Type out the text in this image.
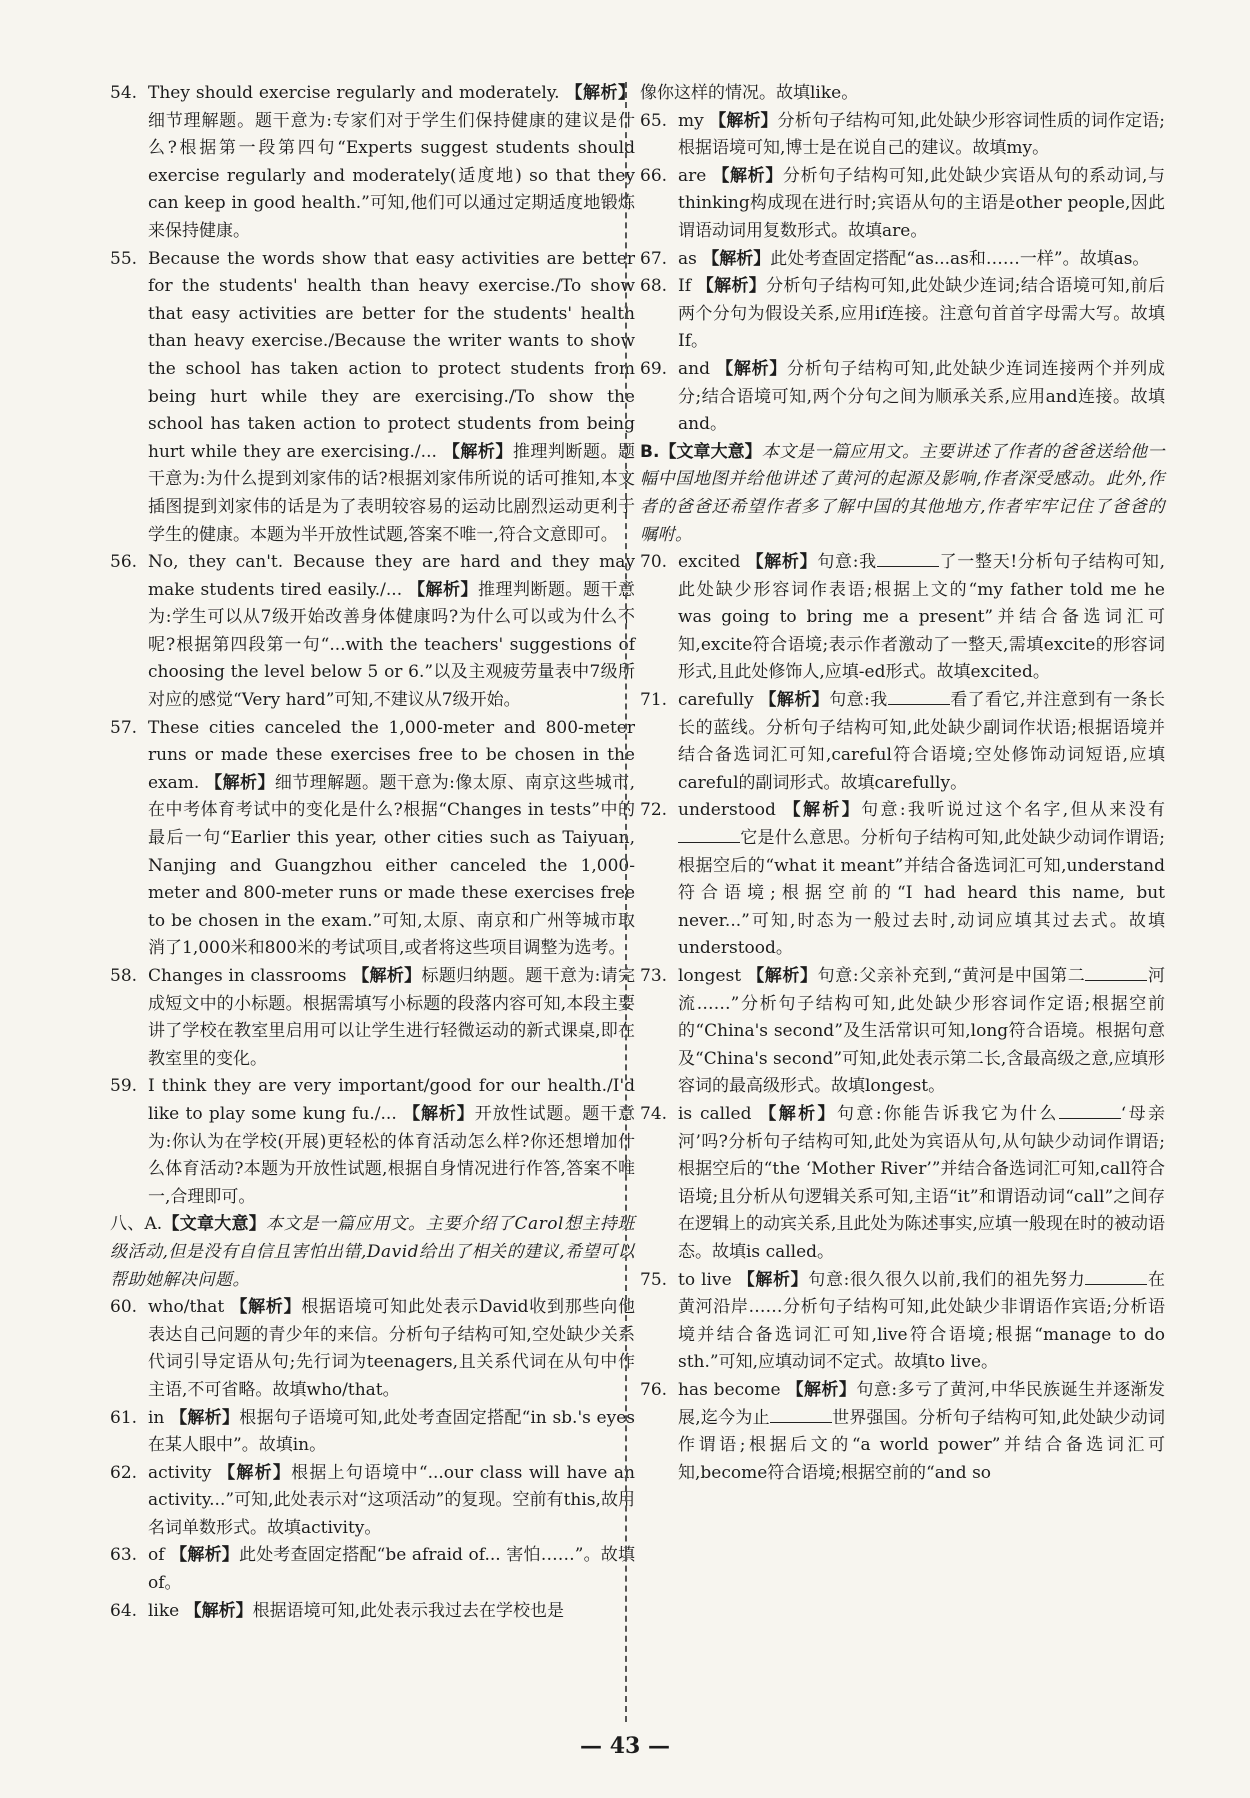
54. They should exercise regularly and moderately. 【解析】细节理解题。题干意为:专家们对于学生们保持健康的建议是什么?根据第一段第四句“Experts suggest students should exercise regularly and moderately(适度地) so that they can keep in good health.”可知,他们可以通过定期适度地锻炼来保持健康。

55. Because the words show that easy activities are better for the students' health than heavy exercise./To show that easy activities are better for the students' health than heavy exercise./Because the writer wants to show the school has taken action to protect students from being hurt while they are exercising./To show the school has taken action to protect students from being hurt while they are exercising./... 【解析】推理判断题。题干意为:为什么提到刘家伟的话?根据刘家伟所说的话可推知,本文插图提到刘家伟的话是为了表明较容易的运动比剧烈运动更利于学生的健康。本题为半开放性试题,答案不唯一,符合文意即可。

56. No, they can't. Because they are hard and they may make students tired easily./... 【解析】推理判断题。题干意为:学生可以从7级开始改善身体健康吗?为什么可以或为什么不呢?根据第四段第一句“...with the teachers' suggestions of choosing the level below 5 or 6.”以及主观疲劳量表中7级所对应的感觉“Very hard”可知,不建议从7级开始。

57. These cities canceled the 1,000-meter and 800-meter runs or made these exercises free to be chosen in the exam. 【解析】细节理解题。题干意为:像太原、南京这些城市,在中考体育考试中的变化是什么?根据“Changes in tests”中的最后一句“Earlier this year, other cities such as Taiyuan, Nanjing and Guangzhou either canceled the 1,000-meter and 800-meter runs or made these exercises free to be chosen in the exam.”可知,太原、南京和广州等城市取消了1,000米和800米的考试项目,或者将这些项目调整为选考。

58. Changes in classrooms 【解析】标题归纳题。题干意为:请完成短文中的小标题。根据需填写小标题的段落内容可知,本段主要讲了学校在教室里启用可以让学生进行轻微运动的新式课桌,即在教室里的变化。

59. I think they are very important/good for our health./I'd like to play some kung fu./... 【解析】开放性试题。题干意为:你认为在学校(开展)更轻松的体育活动怎么样?你还想增加什么体育活动?本题为开放性试题,根据自身情况进行作答,答案不唯一,合理即可。

八、A.【文章大意】本文是一篇应用文。主要介绍了Carol想主持班级活动,但是没有自信且害怕出错,David给出了相关的建议,希望可以帮助她解决问题。

60. who/that 【解析】根据语境可知此处表示David收到那些向他表达自己问题的青少年的来信。分析句子结构可知,空处缺少关系代词引导定语从句;先行词为teenagers,且关系代词在从句中作主语,不可省略。故填who/that。

61. in 【解析】根据句子语境可知,此处考查固定搭配“in sb.'s eyes在某人眼中”。故填in。

62. activity 【解析】根据上句语境中“...our class will have an activity...”可知,此处表示对“这项活动”的复现。空前有this,故用名词单数形式。故填activity。

63. of 【解析】此处考查固定搭配“be afraid of... 害怕……”。故填of。

64. like 【解析】根据语境可知,此处表示我过去在学校也是

像你这样的情况。故填like。

65. my 【解析】分析句子结构可知,此处缺少形容词性质的词作定语;根据语境可知,博士是在说自己的建议。故填my。

66. are 【解析】分析句子结构可知,此处缺少宾语从句的系动词,与thinking构成现在进行时;宾语从句的主语是other people,因此谓语动词用复数形式。故填are。

67. as 【解析】此处考查固定搭配“as...as和……一样”。故填as。

68. If 【解析】分析句子结构可知,此处缺少连词;结合语境可知,前后两个分句为假设关系,应用if连接。注意句首首字母需大写。故填If。

69. and 【解析】分析句子结构可知,此处缺少连词连接两个并列成分;结合语境可知,两个分句之间为顺承关系,应用and连接。故填and。

B.【文章大意】本文是一篇应用文。主要讲述了作者的爸爸送给他一幅中国地图并给他讲述了黄河的起源及影响,作者深受感动。此外,作者的爸爸还希望作者多了解中国的其他地方,作者牢牢记住了爸爸的嘱咐。

70. excited 【解析】句意:我	了一整天!分析句子结构可知,此处缺少形容词作表语;根据上文的“my father told me he was going to bring me a present”并结合备选词汇可知,excite符合语境;表示作者激动了一整天,需填excite的形容词形式,且此处修饰人,应填-ed形式。故填excited。

71. carefully 【解析】句意:我	看了看它,并注意到有一条长长的蓝线。分析句子结构可知,此处缺少副词作状语;根据语境并结合备选词汇可知,careful符合语境;空处修饰动词短语,应填careful的副词形式。故填carefully。

72. understood 【解析】句意:我听说过这个名字,但从来没有它是什么意思。分析句子结构可知,此处缺少动词作谓语;根据空后的“what it meant”并结合备选词汇可知,understand符合语境;根据空前的“I had heard this name, but never...”可知,时态为一般过去时,动词应填其过去式。故填understood。

73. longest 【解析】句意:父亲补充到,“黄河是中国第二	河流……”分析句子结构可知,此处缺少形容词作定语;根据空前的“China's second”及生活常识可知,long符合语境。根据句意及“China's second”可知,此处表示第二长,含最高级之意,应填形容词的最高级形式。故填longest。

74. is called 【解析】句意:你能告诉我它为什么	‘母亲河’吗?分析句子结构可知,此处为宾语从句,从句缺少动词作谓语;根据空后的“the ‘Mother River’”并结合备选词汇可知,call符合语境;且分析从句逻辑关系可知,主语“it”和谓语动词“call”之间存在逻辑上的动宾关系,且此处为陈述事实,应填一般现在时的被动语态。故填is called。

75. to live 【解析】句意:很久很久以前,我们的祖先努力	在黄河沿岸……分析句子结构可知,此处缺少非谓语作宾语;分析语境并结合备选词汇可知,live符合语境;根据“manage to do sth.”可知,应填动词不定式。故填to live。

76. has become 【解析】句意:多亏了黄河,中华民族诞生并逐渐发展,迄今为止	世界强国。分析句子结构可知,此处缺少动词作谓语;根据后文的“a world power”并结合备选词汇可知,become符合语境;根据空前的“and so

— 43 —
